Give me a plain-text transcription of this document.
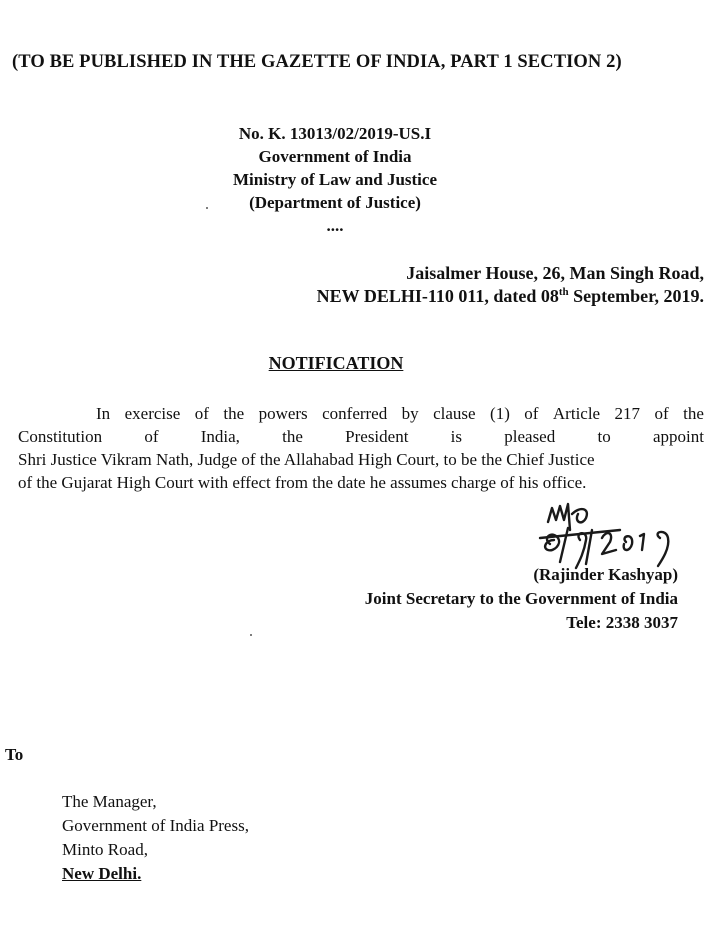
(TO BE PUBLISHED IN THE GAZETTE OF INDIA, PART 1 SECTION 2)
No. K. 13013/02/2019-US.I
Government of India
Ministry of Law and Justice
(Department of Justice)
....
Jaisalmer House, 26, Man Singh Road,
NEW DELHI-110 011, dated 08th September, 2019.
NOTIFICATION
In exercise of the powers conferred by clause (1) of Article 217 of the
Constitution of India, the President is pleased to appoint
Shri Justice Vikram Nath, Judge of the Allahabad High Court, to be the Chief Justice
of the Gujarat High Court with effect from the date he assumes charge of his office.
(Rajinder Kashyap)
Joint Secretary to the Government of India
Tele: 2338 3037
To
The Manager,
Government of India Press,
Minto Road,
New Delhi.
